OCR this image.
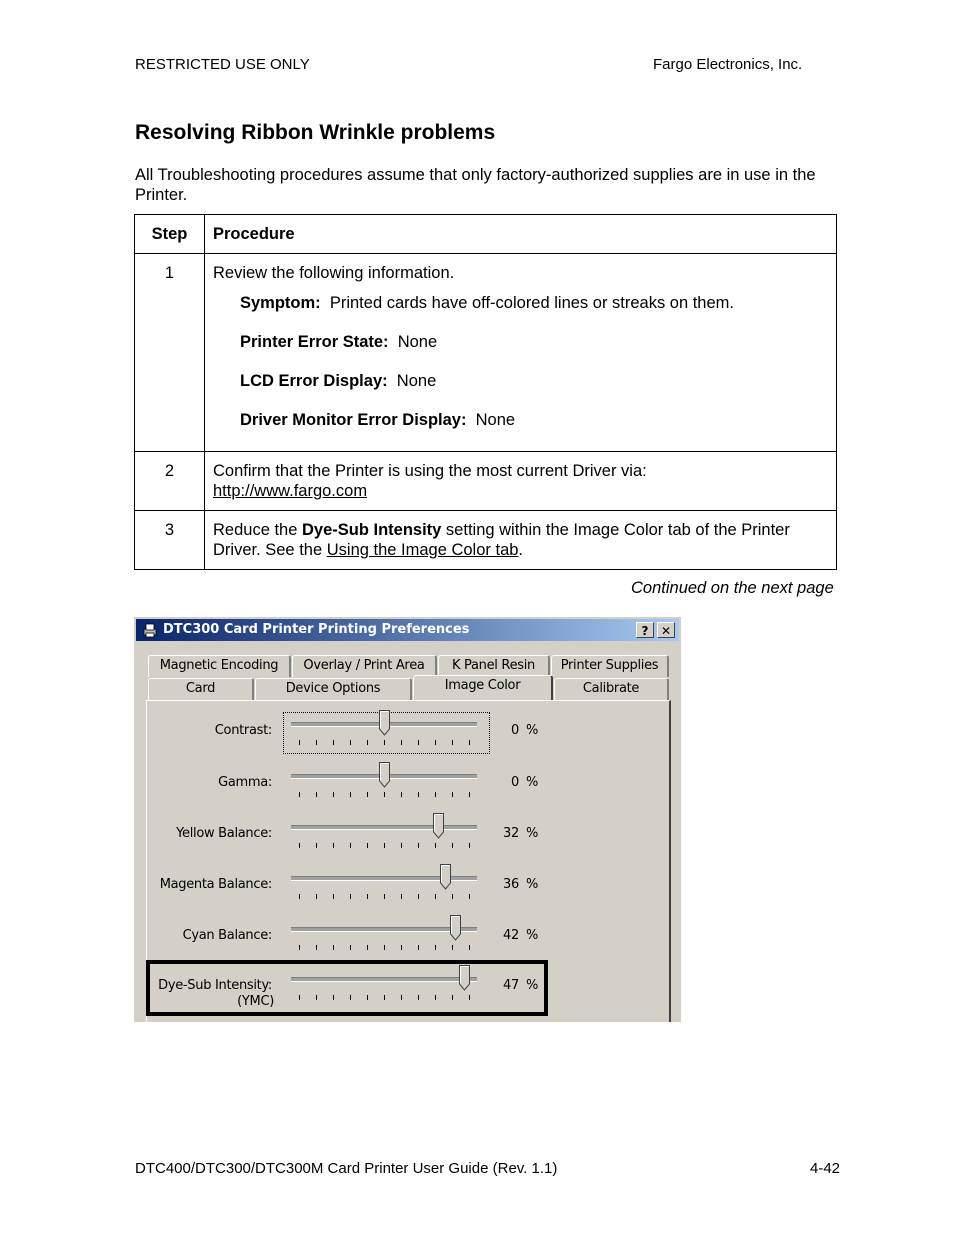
RESTRICTED USE ONLY	Fargo Electronics, Inc.
Resolving Ribbon Wrinkle problems
All Troubleshooting procedures assume that only factory-authorized supplies are in use in the Printer.
Step	Procedure
1	Review the following information.
Symptom: Printed cards have off-colored lines or streaks on them.
Printer Error State: None
LCD Error Display: None
Driver Monitor Error Display: None

2	Confirm that the Printer is using the most current Driver via:
http://www.fargo.com
3	Reduce the Dye-Sub Intensity setting within the Image Color tab of the Printer Driver. See the Using the Image Color tab.
Continued on the next page
DTC300 Card Printer Printing Preferences	?	✕
Magnetic Encoding	Overlay / Print Area	K Panel Resin	Printer Supplies
Card	Device Options	Image Color	Calibrate
Contrast:	0 %
Gamma:	0 %
Yellow Balance:	32 %
Magenta Balance:	36 %
Cyan Balance:	42 %
Dye-Sub Intensity:
(YMC)
47 %
DTC400/DTC300/DTC300M Card Printer User Guide (Rev. 1.1)	4-42
